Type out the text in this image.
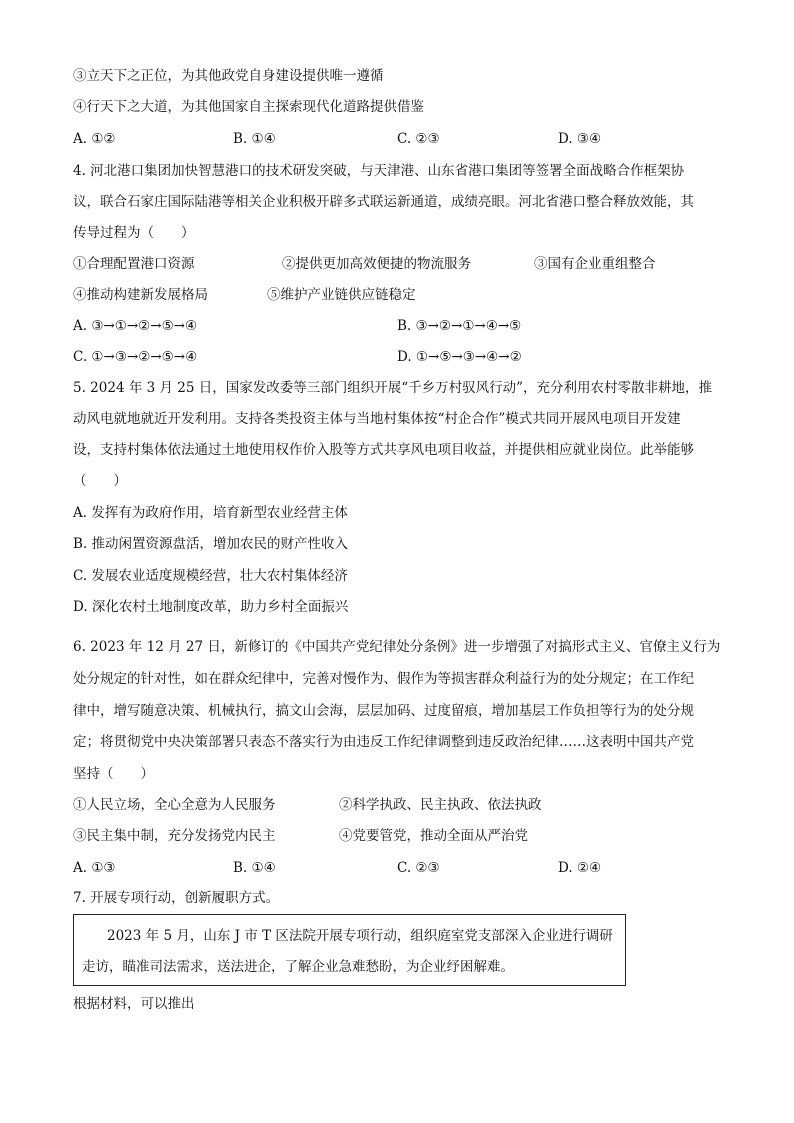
③立天下之正位，为其他政党自身建设提供唯一遵循
④行天下之大道，为其他国家自主探索现代化道路提供借鉴
A. ①②	B. ①④	C. ②③	D. ③④
4. 河北港口集团加快智慧港口的技术研发突破，与天津港、山东省港口集团等签署全面战略合作框架协
议，联合石家庄国际陆港等相关企业积极开辟多式联运新通道，成绩亮眼。河北省港口整合释放效能，其
传导过程为（　　）
①合理配置港口资源	②提供更加高效便捷的物流服务	③国有企业重组整合
④推动构建新发展格局	⑤维护产业链供应链稳定
A. ③→①→②→⑤→④	B. ③→②→①→④→⑤
C. ①→③→②→⑤→④	D. ①→⑤→③→④→②
5. 2024 年 3 月 25 日，国家发改委等三部门组织开展“千乡万村驭风行动”，充分利用农村零散非耕地，推
动风电就地就近开发利用。支持各类投资主体与当地村集体按“村企合作”模式共同开展风电项目开发建
设，支持村集体依法通过土地使用权作价入股等方式共享风电项目收益，并提供相应就业岗位。此举能够
（　　）
A. 发挥有为政府作用，培育新型农业经营主体
B. 推动闲置资源盘活，增加农民的财产性收入
C. 发展农业适度规模经营，壮大农村集体经济
D. 深化农村土地制度改革，助力乡村全面振兴
6. 2023 年 12 月 27 日，新修订的《中国共产党纪律处分条例》进一步增强了对搞形式主义、官僚主义行为
处分规定的针对性，如在群众纪律中，完善对慢作为、假作为等损害群众利益行为的处分规定；在工作纪
律中，增写随意决策、机械执行，搞文山会海，层层加码、过度留痕，增加基层工作负担等行为的处分规
定；将贯彻党中央决策部署只表态不落实行为由违反工作纪律调整到违反政治纪律……这表明中国共产党
坚持（　　）
①人民立场，全心全意为人民服务	②科学执政、民主执政、依法执政
③民主集中制，充分发扬党内民主	④党要管党，推动全面从严治党
A. ①③	B. ①④	C. ②③	D. ②④
7. 开展专项行动，创新履职方式。
2023 年 5 月，山东 J 市 T 区法院开展专项行动，组织庭室党支部深入企业进行调研
走访，瞄准司法需求，送法进企，了解企业急难愁盼，为企业纾困解难。
根据材料，可以推出
